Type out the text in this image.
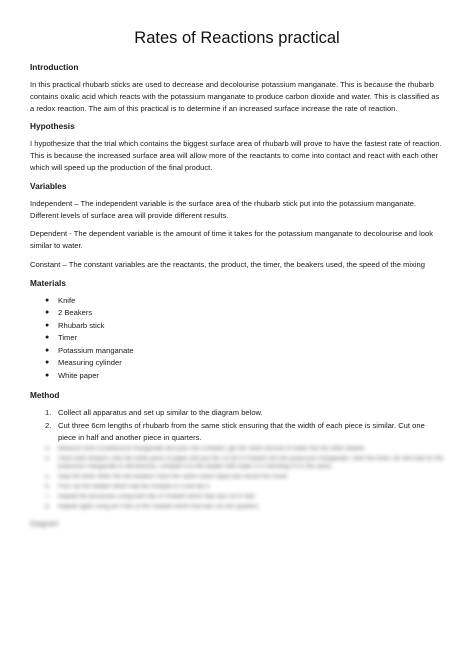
Rates of Reactions practical
Introduction

In this practical rhubarb sticks are used to decrease and decolourise potassium manganate. This is because the rhubarb contains oxalic acid which reacts with the potassium manganate to produce carbon dioxide and water. This is classified as a redox reaction. The aim of this practical is to determine if an increased surface increase the rate of reaction.

Hypothesis

I hypothesize that the trial which contains the biggest surface area of rhubarb will prove to have the fastest rate of reaction. This is because the increased surface area will allow more of the reactants to come into contact and react with each other which will speed up the production of the final product.

Variables

Independent – The independent variable is the surface area of the rhubarb stick put into the potassium manganate. Different levels of surface area will provide different results.

Dependent - The dependent variable is the amount of time it takes for the potassium manganate to decolourise and look similar to water.

Constant – The constant variables are the reactants, the product, the timer, the beakers used, the speed of the mixing

Materials
● Knife
● 2 Beakers
● Rhubarb stick
● Timer
● Potassium manganate
● Measuring cylinder
● White paper
Method
1. Collect all apparatus and set up similar to the diagram below.
2. Cut three 6cm lengths of rhubarb from the same stick ensuring that the width of each piece is similar. Cut one piece in half and another piece in quarters.
3. Measure 50ml of potassium manganate and pour into a beaker, get the same amount of water into the other beaker.
4. Place both beakers onto the white piece of paper and put the 1st bit of rhubarb into the potassium manganate. Start the timer, stir and wait for the potassium manganate to decolourise, compare it to the beaker with water in it checking if it is the same.
5. Stop the timer when the two beakers have the same colour liquid and record the result.
6. Pour out the beaker which had the rhubarb in it and dry it.
7. Repeat the processes using both bits of rhubarb which that was cut in half.
8. Repeat again using all 4 bits of the rhubarb which that was cut into quarters.
Diagram
